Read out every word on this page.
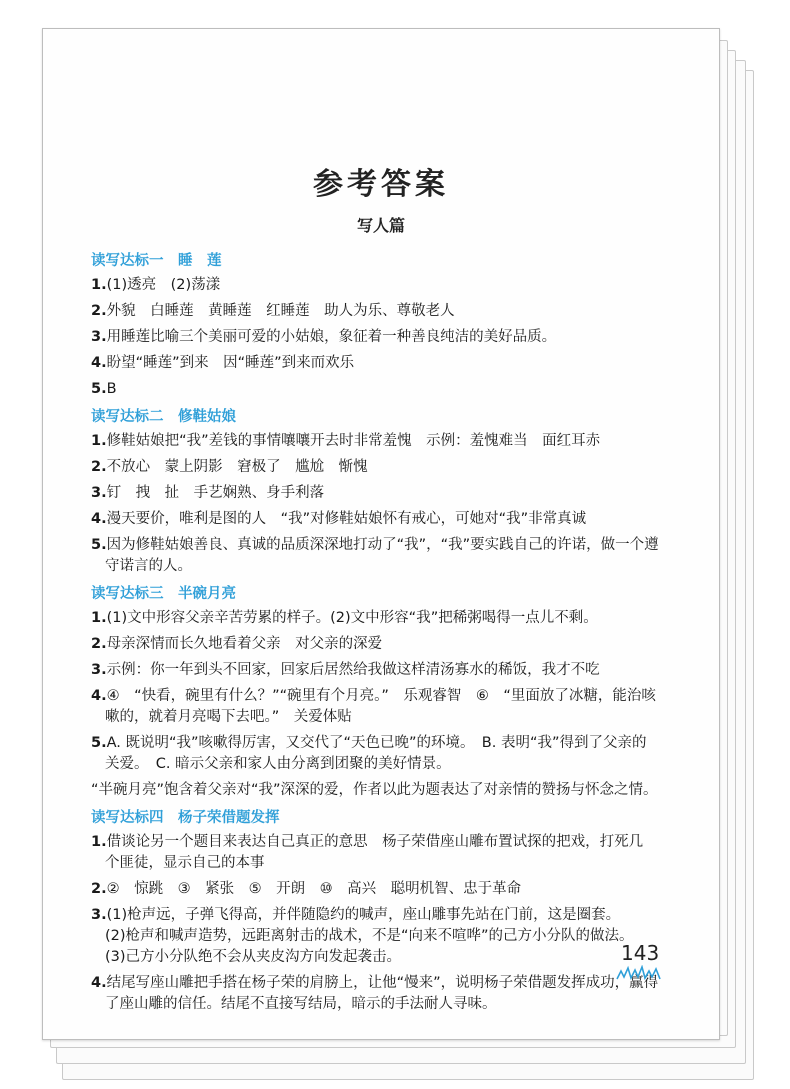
参考答案
写人篇
读写达标一　睡　莲
1.(1)透亮　(2)荡漾
2.外貌　白睡莲　黄睡莲　红睡莲　助人为乐、尊敬老人
3.用睡莲比喻三个美丽可爱的小姑娘，象征着一种善良纯洁的美好品质。
4.盼望“睡莲”到来　因“睡莲”到来而欢乐
5.B
读写达标二　修鞋姑娘
1.修鞋姑娘把“我”差钱的事情嚷嚷开去时非常羞愧　示例：羞愧难当　面红耳赤
2.不放心　蒙上阴影　窘极了　尴尬　惭愧
3.钉　拽　扯　手艺娴熟、身手利落
4.漫天要价，唯利是图的人　“我”对修鞋姑娘怀有戒心，可她对“我”非常真诚
5.因为修鞋姑娘善良、真诚的品质深深地打动了“我”，“我”要实践自己的许诺，做一个遵
守诺言的人。
读写达标三　半碗月亮
1.(1)文中形容父亲辛苦劳累的样子。(2)文中形容“我”把稀粥喝得一点儿不剩。
2.母亲深情而长久地看着父亲　对父亲的深爱
3.示例：你一年到头不回家，回家后居然给我做这样清汤寡水的稀饭，我才不吃
4.④　“快看，碗里有什么？”“碗里有个月亮。”　乐观睿智　⑥　“里面放了冰糖，能治咳
嗽的，就着月亮喝下去吧。”　关爱体贴
5.A. 既说明“我”咳嗽得厉害，又交代了“天色已晚”的环境。　B. 表明“我”得到了父亲的
关爱。　C. 暗示父亲和家人由分离到团聚的美好情景。
“半碗月亮”饱含着父亲对“我”深深的爱，作者以此为题表达了对亲情的赞扬与怀念之情。
读写达标四　杨子荣借题发挥
1.借谈论另一个题目来表达自己真正的意思　杨子荣借座山雕布置试探的把戏，打死几
个匪徒，显示自己的本事
2.②　惊跳　③　紧张　⑤　开朗　⑩　高兴　聪明机智、忠于革命
3.(1)枪声远，子弹飞得高，并伴随隐约的喊声，座山雕事先站在门前，这是圈套。
(2)枪声和喊声造势，远距离射击的战术，不是“向来不喧哗”的己方小分队的做法。
(3)己方小分队绝不会从夹皮沟方向发起袭击。
4.结尾写座山雕把手搭在杨子荣的肩膀上，让他“慢来”，说明杨子荣借题发挥成功，赢得
了座山雕的信任。结尾不直接写结局，暗示的手法耐人寻味。
143
